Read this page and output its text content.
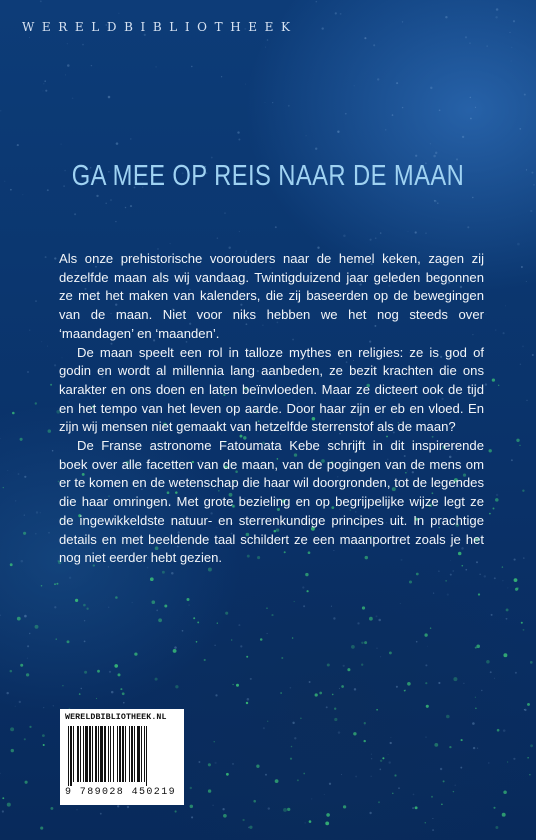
WERELDBIBLIOTHEEK
GA MEE OP REIS NAAR DE MAAN

Als onze prehistorische voorouders naar de hemel keken, zagen zij dezelfde maan als wij vandaag. Twintigduizend jaar geleden begonnen ze met het maken van kalenders, die zij baseerden op de bewegingen van de maan. Niet voor niks hebben we het nog steeds over ‘maandagen’ en ‘maanden’.

De maan speelt een rol in talloze mythes en religies: ze is god of godin en wordt al millennia lang aanbeden, ze bezit krachten die ons karakter en ons doen en laten beïnvloeden. Maar ze dicteert ook de tijd en het tempo van het leven op aarde. Door haar zijn er eb en vloed. En zijn wij mensen niet gemaakt van hetzelfde sterrenstof als de maan?

De Franse astronome Fatoumata Kebe schrijft in dit inspirerende boek over alle facetten van de maan, van de pogingen van de mens om er te komen en de wetenschap die haar wil doorgronden, tot de legendes die haar omringen. Met grote bezieling en op begrijpelijke wijze legt ze de ingewikkeldste natuur- en sterrenkundige principes uit. In prachtige details en met beeldende taal schildert ze een maanportret zoals je het nog niet eerder hebt gezien.

WERELDBIBLIOTHEEK.NL
9 789028 450219
